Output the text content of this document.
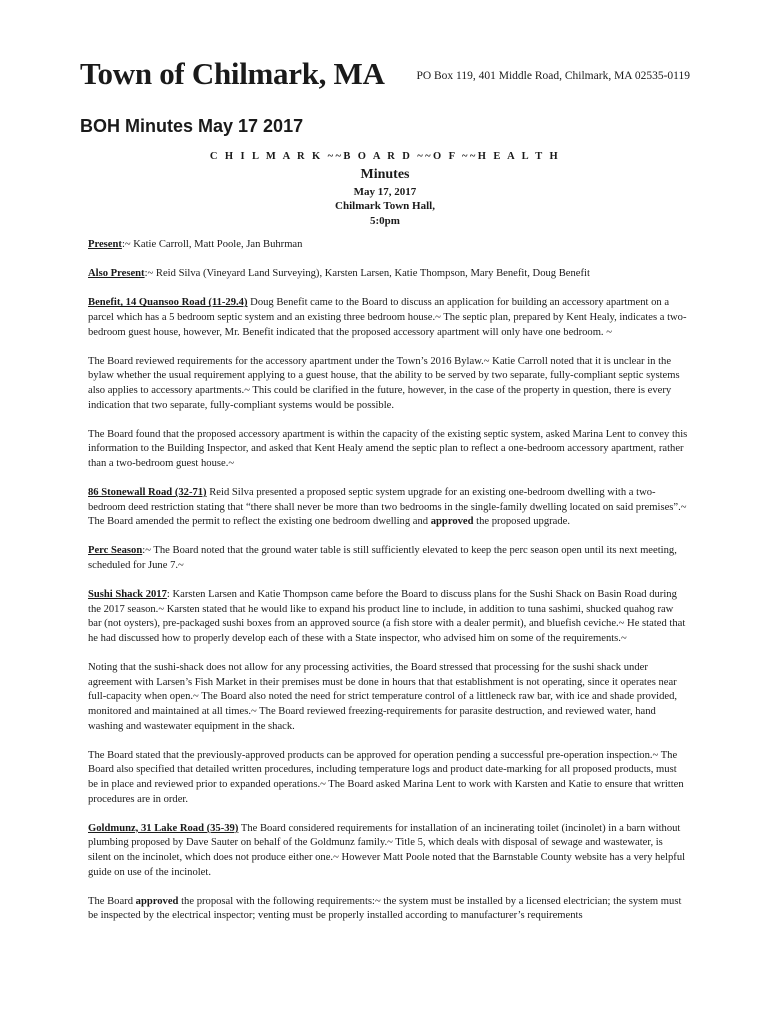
Town of Chilmark, MA	PO Box 119, 401 Middle Road, Chilmark, MA 02535-0119
BOH Minutes May 17 2017
C H I L M A R K ~~B O A R D ~~O F ~~H E A L T H
Minutes
May 17, 2017
Chilmark Town Hall,
5:0pm

Present:~ Katie Carroll, Matt Poole, Jan Buhrman

Also Present:~ Reid Silva (Vineyard Land Surveying), Karsten Larsen, Katie Thompson, Mary Benefit, Doug Benefit

Benefit, 14 Quansoo Road (11-29.4) Doug Benefit came to the Board to discuss an application for building an accessory apartment on a parcel which has a 5 bedroom septic system and an existing three bedroom house.~ The septic plan, prepared by Kent Healy, indicates a two-bedroom guest house, however, Mr. Benefit indicated that the proposed accessory apartment will only have one bedroom. ~

The Board reviewed requirements for the accessory apartment under the Town’s 2016 Bylaw.~ Katie Carroll noted that it is unclear in the bylaw whether the usual requirement applying to a guest house, that the ability to be served by two separate, fully-compliant septic systems also applies to accessory apartments.~ This could be clarified in the future, however, in the case of the property in question, there is every indication that two separate, fully-compliant systems would be possible.

The Board found that the proposed accessory apartment is within the capacity of the existing septic system, asked Marina Lent to convey this information to the Building Inspector, and asked that Kent Healy amend the septic plan to reflect a one-bedroom accessory apartment, rather than a two-bedroom guest house.~

86 Stonewall Road (32-71) Reid Silva presented a proposed septic system upgrade for an existing one-bedroom dwelling with a two-bedroom deed restriction stating that “there shall never be more than two bedrooms in the single-family dwelling located on said premises”.~ The Board amended the permit to reflect the existing one bedroom dwelling and approved the proposed upgrade.

Perc Season:~ The Board noted that the ground water table is still sufficiently elevated to keep the perc season open until its next meeting, scheduled for June 7.~

Sushi Shack 2017: Karsten Larsen and Katie Thompson came before the Board to discuss plans for the Sushi Shack on Basin Road during the 2017 season.~ Karsten stated that he would like to expand his product line to include, in addition to tuna sashimi, shucked quahog raw bar (not oysters), pre-packaged sushi boxes from an approved source (a fish store with a dealer permit), and bluefish ceviche.~ He stated that he had discussed how to properly develop each of these with a State inspector, who advised him on some of the requirements.~

Noting that the sushi-shack does not allow for any processing activities, the Board stressed that processing for the sushi shack under agreement with Larsen’s Fish Market in their premises must be done in hours that that establishment is not operating, since it operates near full-capacity when open.~ The Board also noted the need for strict temperature control of a littleneck raw bar, with ice and shade provided, monitored and maintained at all times.~ The Board reviewed freezing-requirements for parasite destruction, and reviewed water, hand washing and wastewater equipment in the shack.

The Board stated that the previously-approved products can be approved for operation pending a successful pre-operation inspection.~ The Board also specified that detailed written procedures, including temperature logs and product date-marking for all proposed products, must be in place and reviewed prior to expanded operations.~ The Board asked Marina Lent to work with Karsten and Katie to ensure that written procedures are in order.

Goldmunz, 31 Lake Road (35-39) The Board considered requirements for installation of an incinerating toilet (incinolet) in a barn without plumbing proposed by Dave Sauter on behalf of the Goldmunz family.~ Title 5, which deals with disposal of sewage and wastewater, is silent on the incinolet, which does not produce either one.~ However Matt Poole noted that the Barnstable County website has a very helpful guide on use of the incinolet.

The Board approved the proposal with the following requirements:~ the system must be installed by a licensed electrician; the system must be inspected by the electrical inspector; venting must be properly installed according to manufacturer’s requirements
